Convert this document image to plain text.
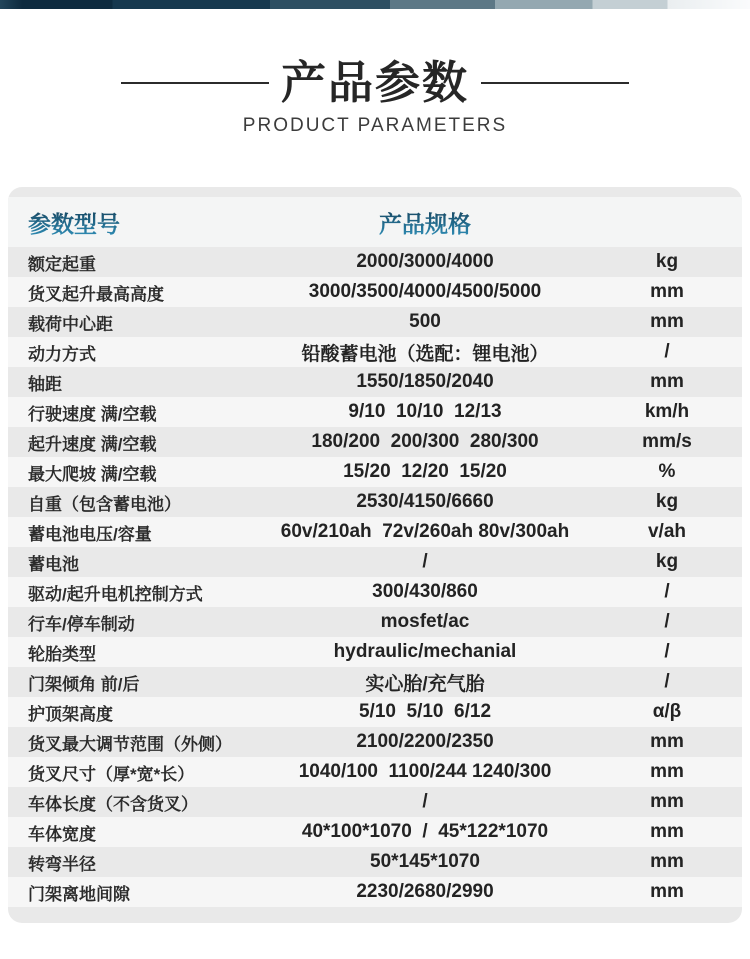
产品参数
PRODUCT PARAMETERS
参数型号	产品规格
额定起重	2000/3000/4000	kg
货叉起升最高高度	3000/3500/4000/4500/5000	mm
载荷中心距	500	mm
动力方式	铅酸蓄电池（选配：锂电池）	/
轴距	1550/1850/2040	mm
行驶速度 满/空载	9/10  10/10  12/13	km/h
起升速度 满/空载	180/200  200/300  280/300	mm/s
最大爬坡 满/空载	15/20  12/20  15/20	%
自重（包含蓄电池）	2530/4150/6660	kg
蓄电池电压/容量	60v/210ah  72v/260ah 80v/300ah	v/ah
蓄电池	/	kg
驱动/起升电机控制方式	300/430/860	/
行车/停车制动	mosfet/ac	/
轮胎类型	hydraulic/mechanial	/
门架倾角 前/后	实心胎/充气胎	/
护顶架高度	5/10  5/10  6/12	α/β
货叉最大调节范围（外侧）	2100/2200/2350	mm
货叉尺寸（厚*宽*长）	1040/100  1100/244 1240/300	mm
车体长度（不含货叉）	/	mm
车体宽度	40*100*1070  /  45*122*1070	mm
转弯半径	50*145*1070	mm
门架离地间隙	2230/2680/2990	mm
